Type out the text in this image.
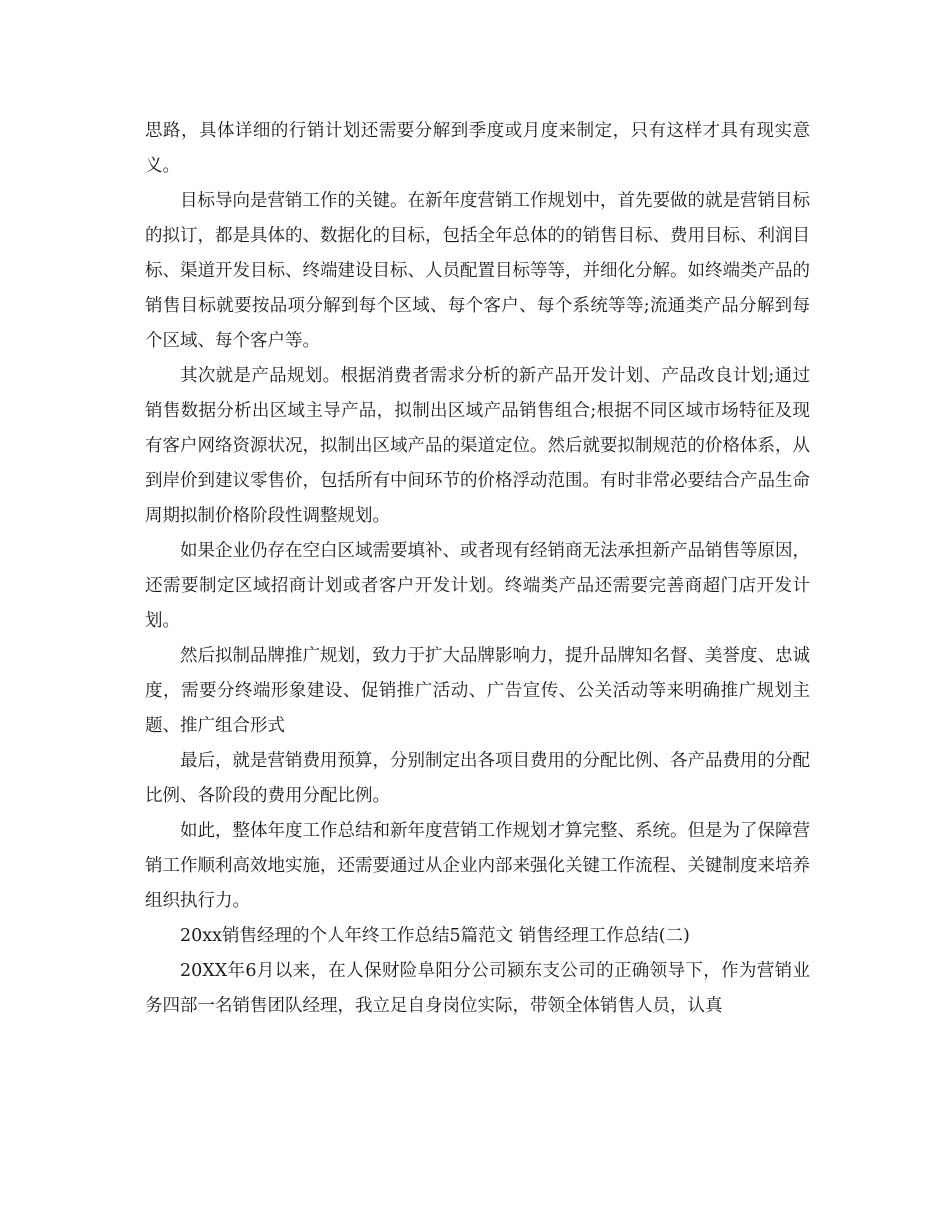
思路，具体详细的行销计划还需要分解到季度或月度来制定，只有这样才具有现实意义。

目标导向是营销工作的关键。在新年度营销工作规划中，首先要做的就是营销目标的拟订，都是具体的、数据化的目标，包括全年总体的的销售目标、费用目标、利润目标、渠道开发目标、终端建设目标、人员配置目标等等，并细化分解。如终端类产品的销售目标就要按品项分解到每个区域、每个客户、每个系统等等;流通类产品分解到每个区域、每个客户等。

其次就是产品规划。根据消费者需求分析的新产品开发计划、产品改良计划;通过销售数据分析出区域主导产品，拟制出区域产品销售组合;根据不同区域市场特征及现有客户网络资源状况，拟制出区域产品的渠道定位。然后就要拟制规范的价格体系，从到岸价到建议零售价，包括所有中间环节的价格浮动范围。有时非常必要结合产品生命周期拟制价格阶段性调整规划。

如果企业仍存在空白区域需要填补、或者现有经销商无法承担新产品销售等原因，还需要制定区域招商计划或者客户开发计划。终端类产品还需要完善商超门店开发计划。

然后拟制品牌推广规划，致力于扩大品牌影响力，提升品牌知名督、美誉度、忠诚度，需要分终端形象建设、促销推广活动、广告宣传、公关活动等来明确推广规划主题、推广组合形式

最后，就是营销费用预算，分别制定出各项目费用的分配比例、各产品费用的分配比例、各阶段的费用分配比例。

如此，整体年度工作总结和新年度营销工作规划才算完整、系统。但是为了保障营销工作顺利高效地实施，还需要通过从企业内部来强化关键工作流程、关键制度来培养组织执行力。

20xx销售经理的个人年终工作总结5篇范文 销售经理工作总结(二)

20XX年6月以来，在人保财险阜阳分公司颍东支公司的正确领导下，作为营销业务四部一名销售团队经理，我立足自身岗位实际，带领全体销售人员，认真
